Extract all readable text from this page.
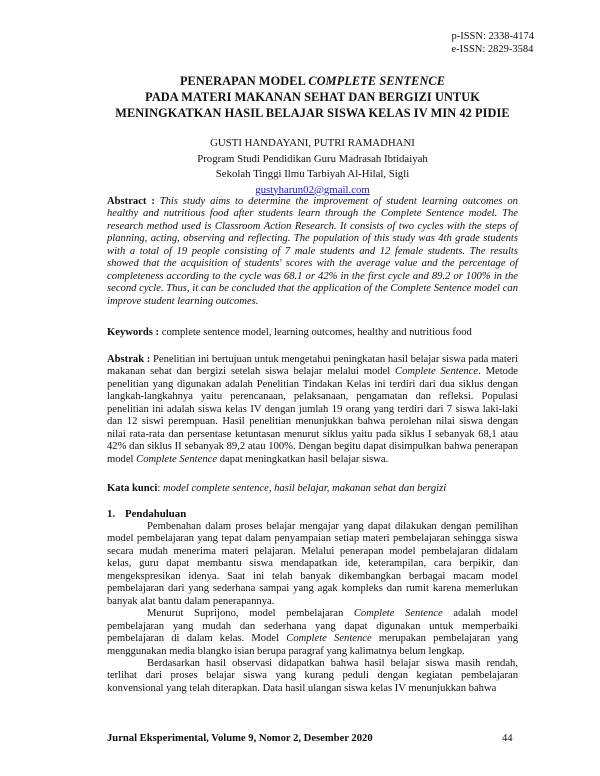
p-ISSN: 2338-4174
e-ISSN: 2829-3584
PENERAPAN MODEL COMPLETE SENTENCE
PADA MATERI MAKANAN SEHAT DAN BERGIZI UNTUK
MENINGKATKAN HASIL BELAJAR SISWA KELAS IV MIN 42 PIDIE
GUSTI HANDAYANI, PUTRI RAMADHANI
Program Studi Pendidikan Guru Madrasah Ibtidaiyah
Sekolah Tinggi Ilmu Tarbiyah Al-Hilal, Sigli
gustyharun02@gmail.com
Abstract : This study aims to determine the improvement of student learning outcomes on healthy and nutritious food after students learn through the Complete Sentence model. The research method used is Classroom Action Research. It consists of two cycles with the steps of planning, acting, observing and reflecting. The population of this study was 4th grade students with a total of 19 people consisting of 7 male students and 12 female students. The results showed that the acquisition of students' scores with the average value and the percentage of completeness according to the cycle was 68.1 or 42% in the first cycle and 89.2 or 100% in the second cycle. Thus, it can be concluded that the application of the Complete Sentence model can improve student learning outcomes.
Keywords : complete sentence model, learning outcomes, healthy and nutritious food
Abstrak : Penelitian ini bertujuan untuk mengetahui peningkatan hasil belajar siswa pada materi makanan sehat dan bergizi setelah siswa belajar melalui model Complete Sentence. Metode penelitian yang digunakan adalah Penelitian Tindakan Kelas ini terdiri dari dua siklus dengan langkah-langkahnya yaitu perencanaan, pelaksanaan, pengamatan dan refleksi. Populasi penelitian ini adalah siswa kelas IV dengan jumlah 19 orang yang terdiri dari 7 siswa laki-laki dan 12 siswi perempuan. Hasil penelitian menunjukkan bahwa perolehan nilai siswa dengan nilai rata-rata dan persentase ketuntasan menurut siklus yaitu pada siklus I sebanyak 68,1 atau 42% dan siklus II sebanyak 89,2 atau 100%. Dengan begitu dapat disimpulkan bahwa penerapan model Complete Sentence dapat meningkatkan hasil belajar siswa.
Kata kunci: model complete sentence, hasil belajar, makanan sehat dan bergizi
1. Pendahuluan

Pembenahan dalam proses belajar mengajar yang dapat dilakukan dengan pemilihan model pembelajaran yang tepat dalam penyampaian setiap materi pembelajaran sehingga siswa secara mudah menerima materi pelajaran. Melalui penerapan model pembelajaran didalam kelas, guru dapat membantu siswa mendapatkan ide, keterampilan, cara berpikir, dan mengekspresikan idenya. Saat ini telah banyak dikembangkan berbagai macam model pembelajaran dari yang sederhana sampai yang agak kompleks dan rumit karena memerlukan banyak alat bantu dalam penerapannya.

Menurut Suprijono, model pembelajaran Complete Sentence adalah model pembelajaran yang mudah dan sederhana yang dapat digunakan untuk memperbaiki pembelajaran di dalam kelas. Model Complete Sentence merupakan pembelajaran yang menggunakan media blangko isian berupa paragraf yang kalimatnya belum lengkap.

Berdasarkan hasil observasi didapatkan bahwa hasil belajar siswa masih rendah, terlihat dari proses belajar siswa yang kurang peduli dengan kegiatan pembelajaran konvensional yang telah diterapkan. Data hasil ulangan siswa kelas IV menunjukkan bahwa

Jurnal Eksperimental, Volume 9, Nomor 2, Desember 2020	44
